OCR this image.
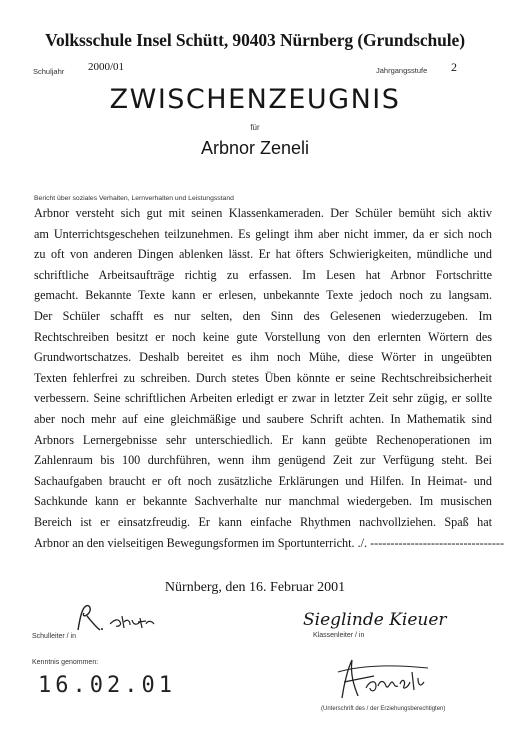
Volksschule Insel Schütt, 90403 Nürnberg (Grundschule)
Schuljahr 2000/01	Jahrgangsstufe 2
ZWISCHENZEUGNIS
für
Arbnor Zeneli
Bericht über soziales Verhalten, Lernverhalten und Leistungsstand
Arbnor versteht sich gut mit seinen Klassenkameraden. Der Schüler bemüht sich aktiv
am Unterrichtsgeschehen teilzunehmen. Es gelingt ihm aber nicht immer, da er sich noch
zu oft von anderen Dingen ablenken lässt. Er hat öfters Schwierigkeiten, mündliche und
schriftliche Arbeitsaufträge richtig zu erfassen. Im Lesen hat Arbnor Fortschritte
gemacht. Bekannte Texte kann er erlesen, unbekannte Texte jedoch noch zu langsam.
Der Schüler schafft es nur selten, den Sinn des Gelesenen wiederzugeben. Im
Rechtschreiben besitzt er noch keine gute Vorstellung von den erlernten Wörtern des
Grundwortschatzes. Deshalb bereitet es ihm noch Mühe, diese Wörter in ungeübten
Texten fehlerfrei zu schreiben. Durch stetes Üben könnte er seine Rechtschreibsicherheit
verbessern. Seine schriftlichen Arbeiten erledigt er zwar in letzter Zeit sehr zügig, er sollte
aber noch mehr auf eine gleichmäßige und saubere Schrift achten. In Mathematik sind
Arbnors Lernergebnisse sehr unterschiedlich. Er kann geübte Rechenoperationen im
Zahlenraum bis 100 durchführen, wenn ihm genügend Zeit zur Verfügung steht. Bei
Sachaufgaben braucht er oft noch zusätzliche Erklärungen und Hilfen. In Heimat- und
Sachkunde kann er bekannte Sachverhalte nur manchmal wiedergeben. Im musischen
Bereich ist er einsatzfreudig. Er kann einfache Rhythmen nachvollziehen. Spaß hat
Arbnor an den vielseitigen Bewegungsformen im Sportunterricht. ./. ---------------------------------
Nürnberg, den 16. Februar 2001
Schulleiter / in
Sieglinde Kieuer
Klassenleiter / in
Kenntnis genommen:
16.02.01
(Unterschrift des / der Erziehungsberechtigten)
